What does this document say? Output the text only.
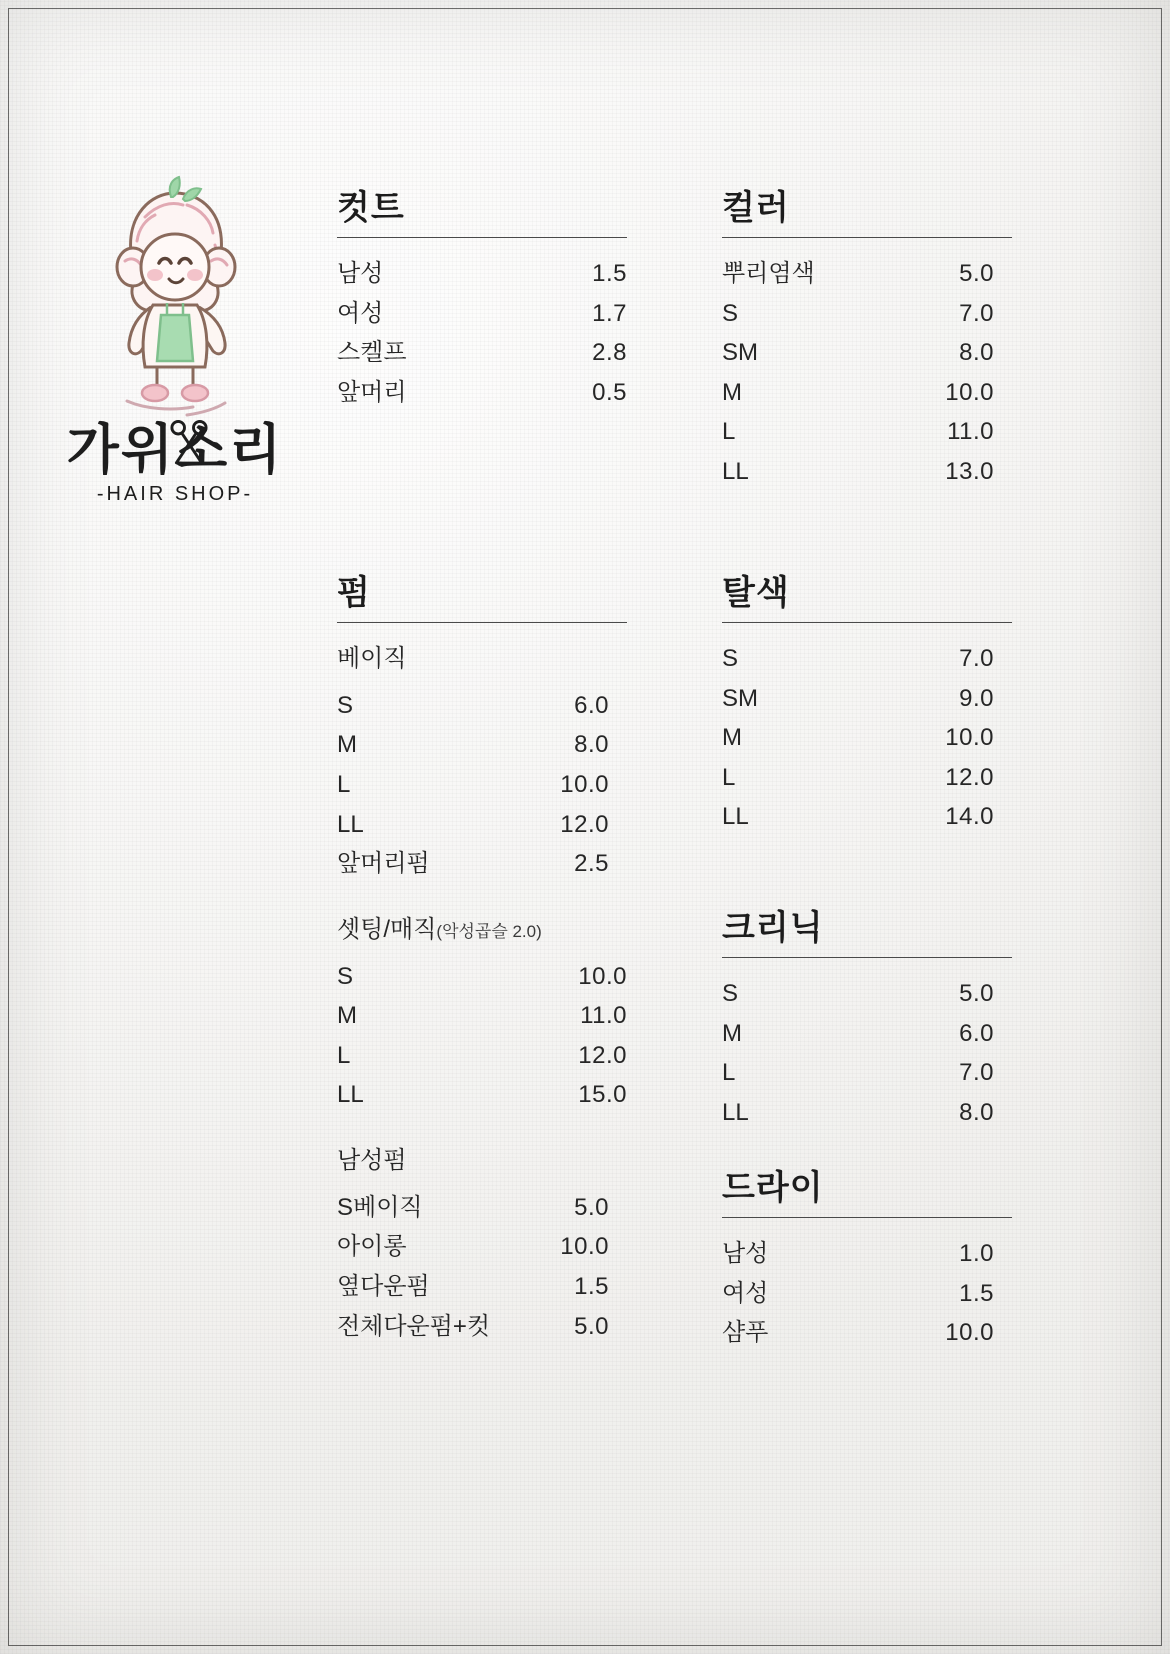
가위소리
-HAIR SHOP-
컷트
남성	1.5
여성	1.7
스켈프	2.8
앞머리	0.5
펌
베이직
S	6.0
M	8.0
L	10.0
LL	12.0
앞머리펌	2.5
셋팅/매직(악성곱슬 2.0)
S	10.0
M	11.0
L	12.0
LL	15.0
남성펌
S베이직	5.0
아이롱	10.0
옆다운펌	1.5
전체다운펌+컷	5.0
컬러
뿌리염색	5.0
S	7.0
SM	8.0
M	10.0
L	11.0
LL	13.0
탈색
S	7.0
SM	9.0
M	10.0
L	12.0
LL	14.0
크리닉
S	5.0
M	6.0
L	7.0
LL	8.0
드라이
남성	1.0
여성	1.5
샴푸	10.0
